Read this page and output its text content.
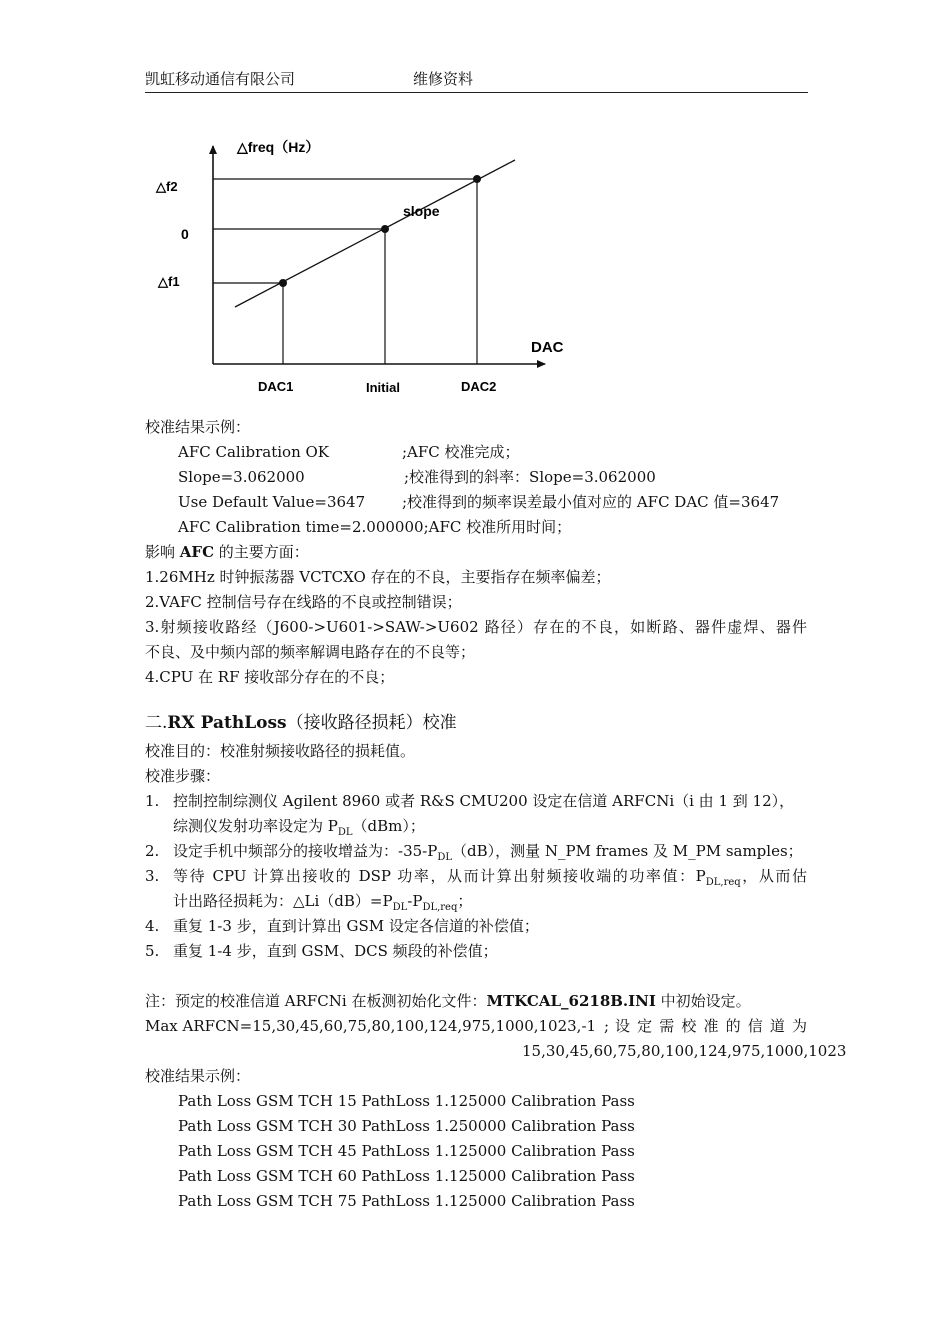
凯虹移动通信有限公司	维修资料
△freq（Hz）
DAC
△f2
0
△f1
slope
DAC1	Initial	DAC2
校准结果示例：
AFC Calibration OK	;AFC 校准完成；
Slope=3.062000	;校准得到的斜率：Slope=3.062000
Use Default Value=3647 ;校准得到的频率误差最小值对应的 AFC DAC 值=3647
AFC Calibration time=2.000000;AFC 校准所用时间；
影响 AFC 的主要方面：
1.26MHz 时钟振荡器 VCTCXO 存在的不良，主要指存在频率偏差；
2.VAFC 控制信号存在线路的不良或控制错误；
3.射频接收路经（J600->U601->SAW->U602 路径）存在的不良，如断路、器件虚焊、器件
不良、及中频内部的频率解调电路存在的不良等；
4.CPU 在 RF 接收部分存在的不良；
二.RX PathLoss（接收路径损耗）校准
校准目的：校准射频接收路径的损耗值。
校准步骤：
1. 控制控制综测仪 Agilent 8960 或者 R&S CMU200 设定在信道 ARFCNi（i 由 1 到 12），
综测仪发射功率设定为 $P_{DL}(dBm)$；
2. 设定手机中频部分的接收增益为：$-35-P_{DL}(dB)$，测量 N_PM frames 及 M_PM samples；
3. 等待 CPU 计算出接收的 DSP 功率，从而计算出射频接收端的功率值：$P_{DL,req}$，从而估
计出路径损耗为：$\triangle Li(dB)=P_{DL}-P_{DL,req}$；
4. 重复 1-3 步，直到计算出 GSM 设定各信道的补偿值；
5. 重复 1-4 步，直到 GSM、DCS 频段的补偿值；
注：预定的校准信道 ARFCNi 在板测初始化文件：MTKCAL_6218B.INI 中初始设定。
Max ARFCN=15,30,45,60,75,80,100,124,975,1000,1023,-1 ; 设 定 需 校 准 的 信 道 为
15,30,45,60,75,80,100,124,975,1000,1023
校准结果示例：
Path Loss GSM TCH 15 PathLoss 1.125000 Calibration Pass
Path Loss GSM TCH 30 PathLoss 1.250000 Calibration Pass
Path Loss GSM TCH 45 PathLoss 1.125000 Calibration Pass
Path Loss GSM TCH 60 PathLoss 1.125000 Calibration Pass
Path Loss GSM TCH 75 PathLoss 1.125000 Calibration Pass
